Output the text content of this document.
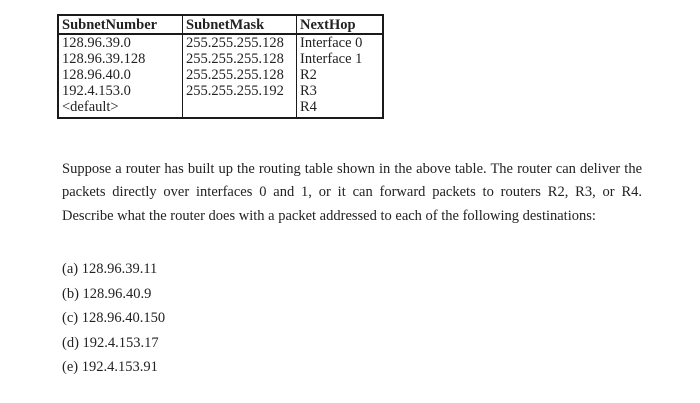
SubnetNumber	SubnetMask	NextHop
128.96.39.0	255.255.255.128	Interface 0
128.96.39.128	255.255.255.128	Interface 1
128.96.40.0	255.255.255.128	R2
192.4.153.0	255.255.255.192	R3
<default>		R4

Suppose a router has built up the routing table shown in the above table. The router can deliver the packets directly over interfaces 0 and 1, or it can forward packets to routers R2, R3, or R4. Describe what the router does with a packet addressed to each of the following destinations:

(a) 128.96.39.11
(b) 128.96.40.9
(c) 128.96.40.150
(d) 192.4.153.17
(e) 192.4.153.91
